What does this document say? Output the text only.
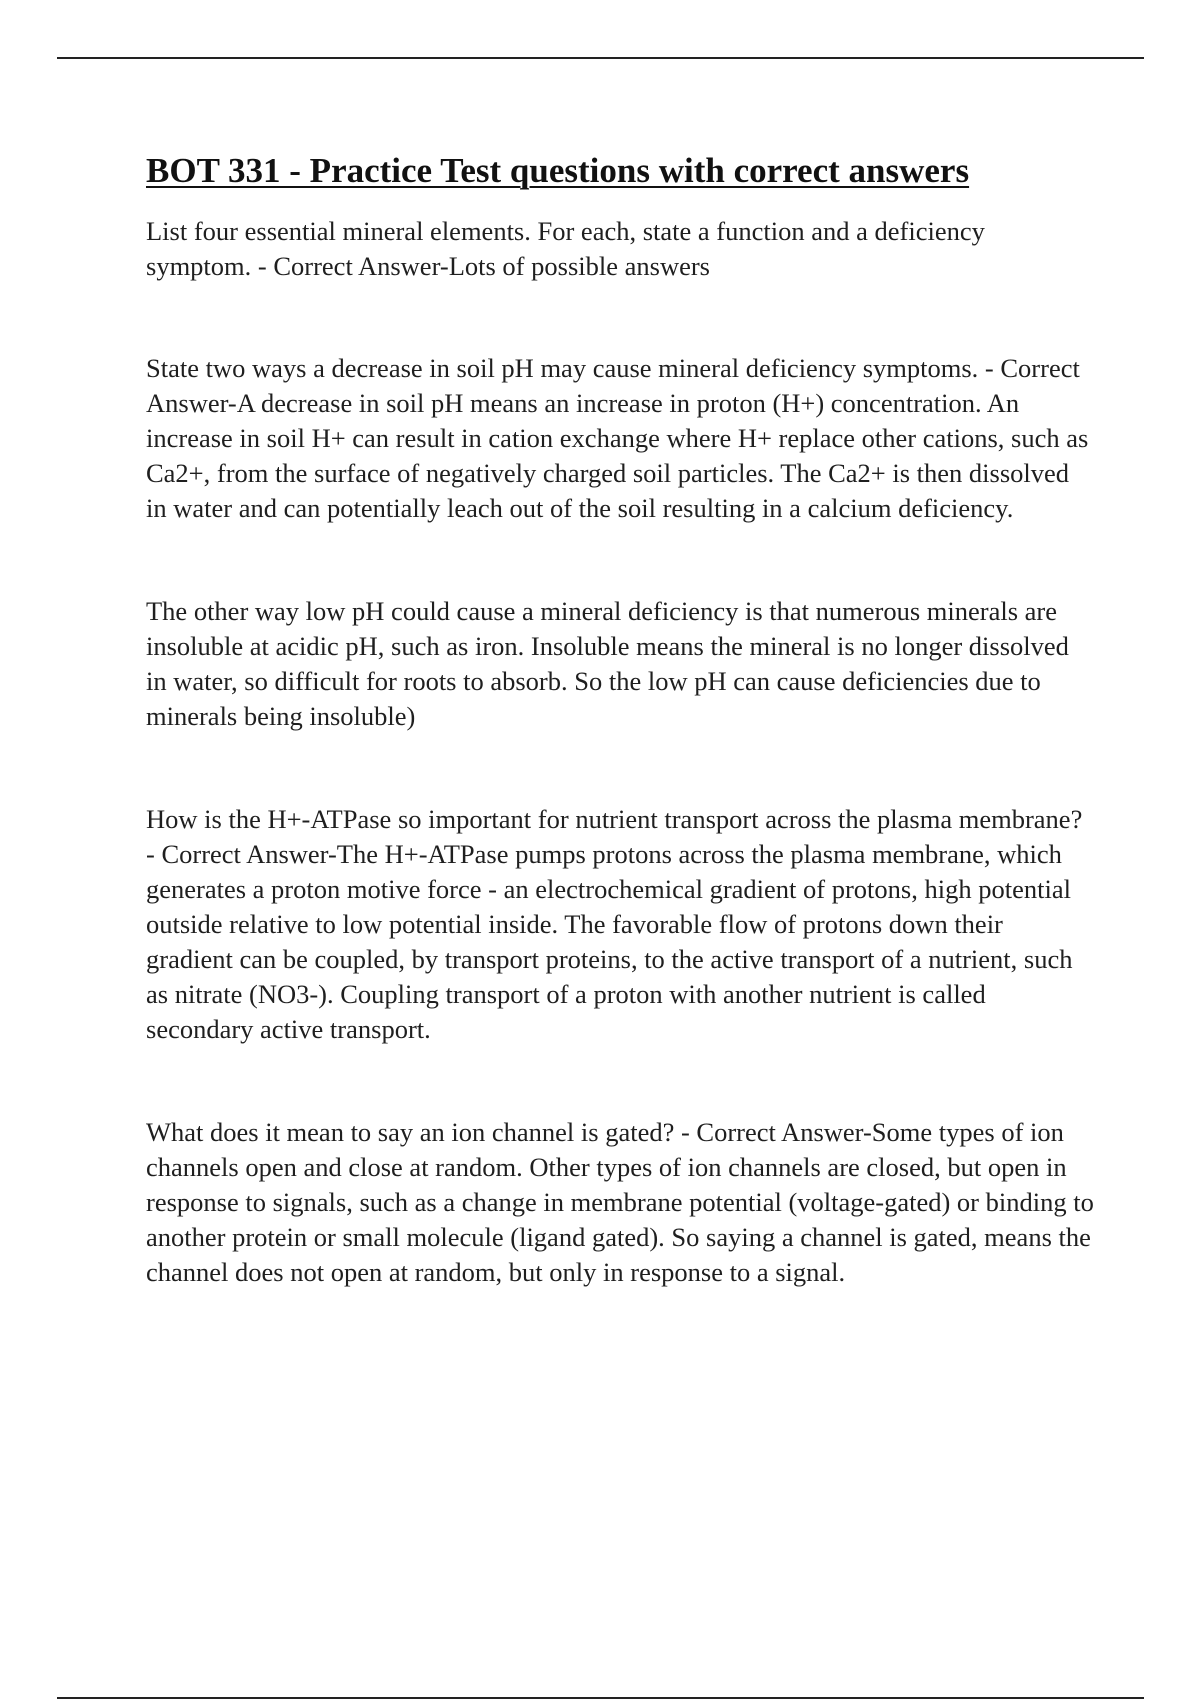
BOT 331 - Practice Test questions with correct answers

List four essential mineral elements. For each, state a function and a deficiency symptom. - Correct Answer-Lots of possible answers

State two ways a decrease in soil pH may cause mineral deficiency symptoms. - Correct Answer-A decrease in soil pH means an increase in proton (H+) concentration. An increase in soil H+ can result in cation exchange where H+ replace other cations, such as Ca2+, from the surface of negatively charged soil particles. The Ca2+ is then dissolved in water and can potentially leach out of the soil resulting in a calcium deficiency.

The other way low pH could cause a mineral deficiency is that numerous minerals are insoluble at acidic pH, such as iron. Insoluble means the mineral is no longer dissolved in water, so difficult for roots to absorb. So the low pH can cause deficiencies due to minerals being insoluble)

How is the H+-ATPase so important for nutrient transport across the plasma membrane? - Correct Answer-The H+-ATPase pumps protons across the plasma membrane, which generates a proton motive force - an electrochemical gradient of protons, high potential outside relative to low potential inside. The favorable flow of protons down their gradient can be coupled, by transport proteins, to the active transport of a nutrient, such as nitrate (NO3-). Coupling transport of a proton with another nutrient is called secondary active transport.

What does it mean to say an ion channel is gated? - Correct Answer-Some types of ion channels open and close at random. Other types of ion channels are closed, but open in response to signals, such as a change in membrane potential (voltage-gated) or binding to another protein or small molecule (ligand gated). So saying a channel is gated, means the channel does not open at random, but only in response to a signal.
